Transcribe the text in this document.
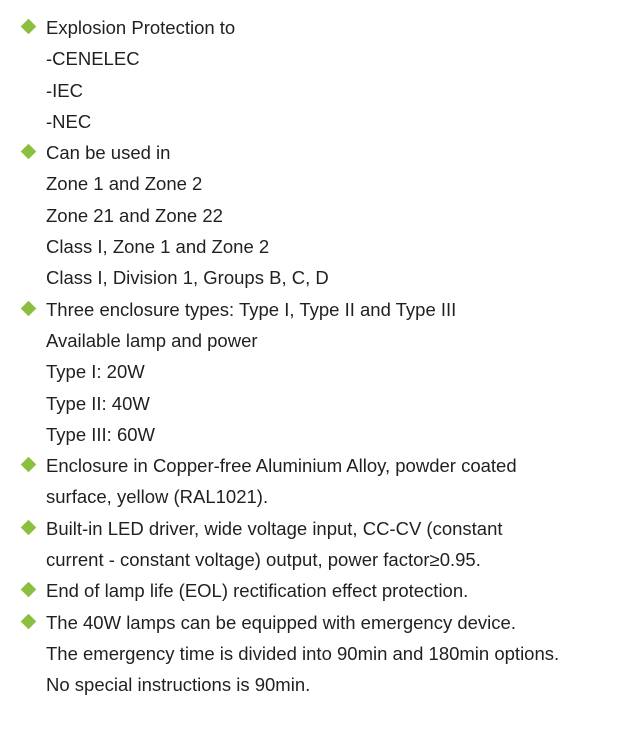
Explosion Protection to
-CENELEC
-IEC
-NEC
Can be used in
Zone 1 and Zone 2
Zone 21 and Zone 22
Class I, Zone 1 and Zone 2
Class I, Division 1, Groups B, C, D
Three enclosure types: Type I, Type II and Type III
Available lamp and power
Type I: 20W
Type II: 40W
Type III: 60W
Enclosure in Copper-free Aluminium Alloy, powder coated
surface, yellow (RAL1021).
Built-in LED driver, wide voltage input, CC-CV (constant
current - constant voltage) output, power factor≥0.95.
End of lamp life (EOL) rectification effect protection.
The 40W lamps can be equipped with emergency device.
The emergency time is divided into 90min and 180min options.
No special instructions is 90min.
